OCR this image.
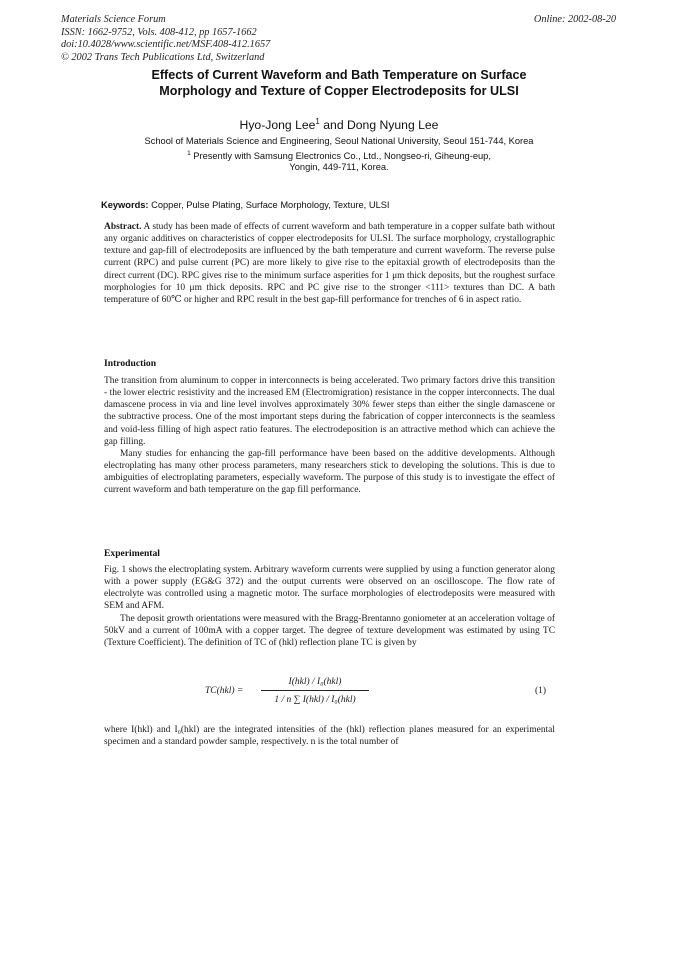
Materials Science Forum
ISSN: 1662-9752, Vols. 408-412, pp 1657-1662
doi:10.4028/www.scientific.net/MSF.408-412.1657
© 2002 Trans Tech Publications Ltd, Switzerland
Online: 2002-08-20
Effects of Current Waveform and Bath Temperature on Surface
Morphology and Texture of Copper Electrodeposits for ULSI
Hyo-Jong Lee$^1$ and Dong Nyung Lee
School of Materials Science and Engineering, Seoul National University, Seoul 151-744, Korea
$^1$ Presently with Samsung Electronics Co., Ltd., Nongseo-ri, Giheung-eup,
Yongin, 449-711, Korea.
Keywords: Copper, Pulse Plating, Surface Morphology, Texture, ULSI

Abstract. A study has been made of effects of current waveform and bath temperature in a copper sulfate bath without any organic additives on characteristics of copper electrodeposits for ULSI. The surface morphology, crystallographic texture and gap-fill of electrodeposits are influenced by the bath temperature and current waveform. The reverse pulse current (RPC) and pulse current (PC) are more likely to give rise to the epitaxial growth of electrodeposits than the direct current (DC). RPC gives rise to the minimum surface asperities for 1 μm thick deposits, but the roughest surface morphologies for 10 μm thick deposits. RPC and PC give rise to the stronger <111> textures than DC. A bath temperature of 60℃ or higher and RPC result in the best gap-fill performance for trenches of 6 in aspect ratio.

Introduction

The transition from aluminum to copper in interconnects is being accelerated. Two primary factors drive this transition - the lower electric resistivity and the increased EM (Electromigration) resistance in the copper interconnects. The dual damascene process in via and line level involves approximately 30% fewer steps than either the single damascene or the subtractive process. One of the most important steps during the fabrication of copper interconnects is the seamless and void-less filling of high aspect ratio features. The electrodeposition is an attractive method which can achieve the gap filling.

Many studies for enhancing the gap-fill performance have been based on the additive developments. Although electroplating has many other process parameters, many researchers stick to developing the solutions. This is due to ambiguities of electroplating parameters, especially waveform. The purpose of this study is to investigate the effect of current waveform and bath temperature on the gap fill performance.

Experimental

Fig. 1 shows the electroplating system. Arbitrary waveform currents were supplied by using a function generator along with a power supply (EG&G 372) and the output currents were observed on an oscilloscope. The flow rate of electrolyte was controlled using a magnetic motor. The surface morphologies of electrodeposits were measured with SEM and AFM.

The deposit growth orientations were measured with the Bragg-Brentanno goniometer at an acceleration voltage of 50kV and a current of 100mA with a copper target. The degree of texture development was estimated by using TC (Texture Coefficient). The definition of TC of (hkl) reflection plane TC is given by

TC(hkl) =
I(hkl) / I₀(hkl)
1 / n ∑ I(hkl) / I₀(hkl)
(1)

where I(hkl) and I₀(hkl) are the integrated intensities of the (hkl) reflection planes measured for an experimental specimen and a standard powder sample, respectively. n is the total number of
